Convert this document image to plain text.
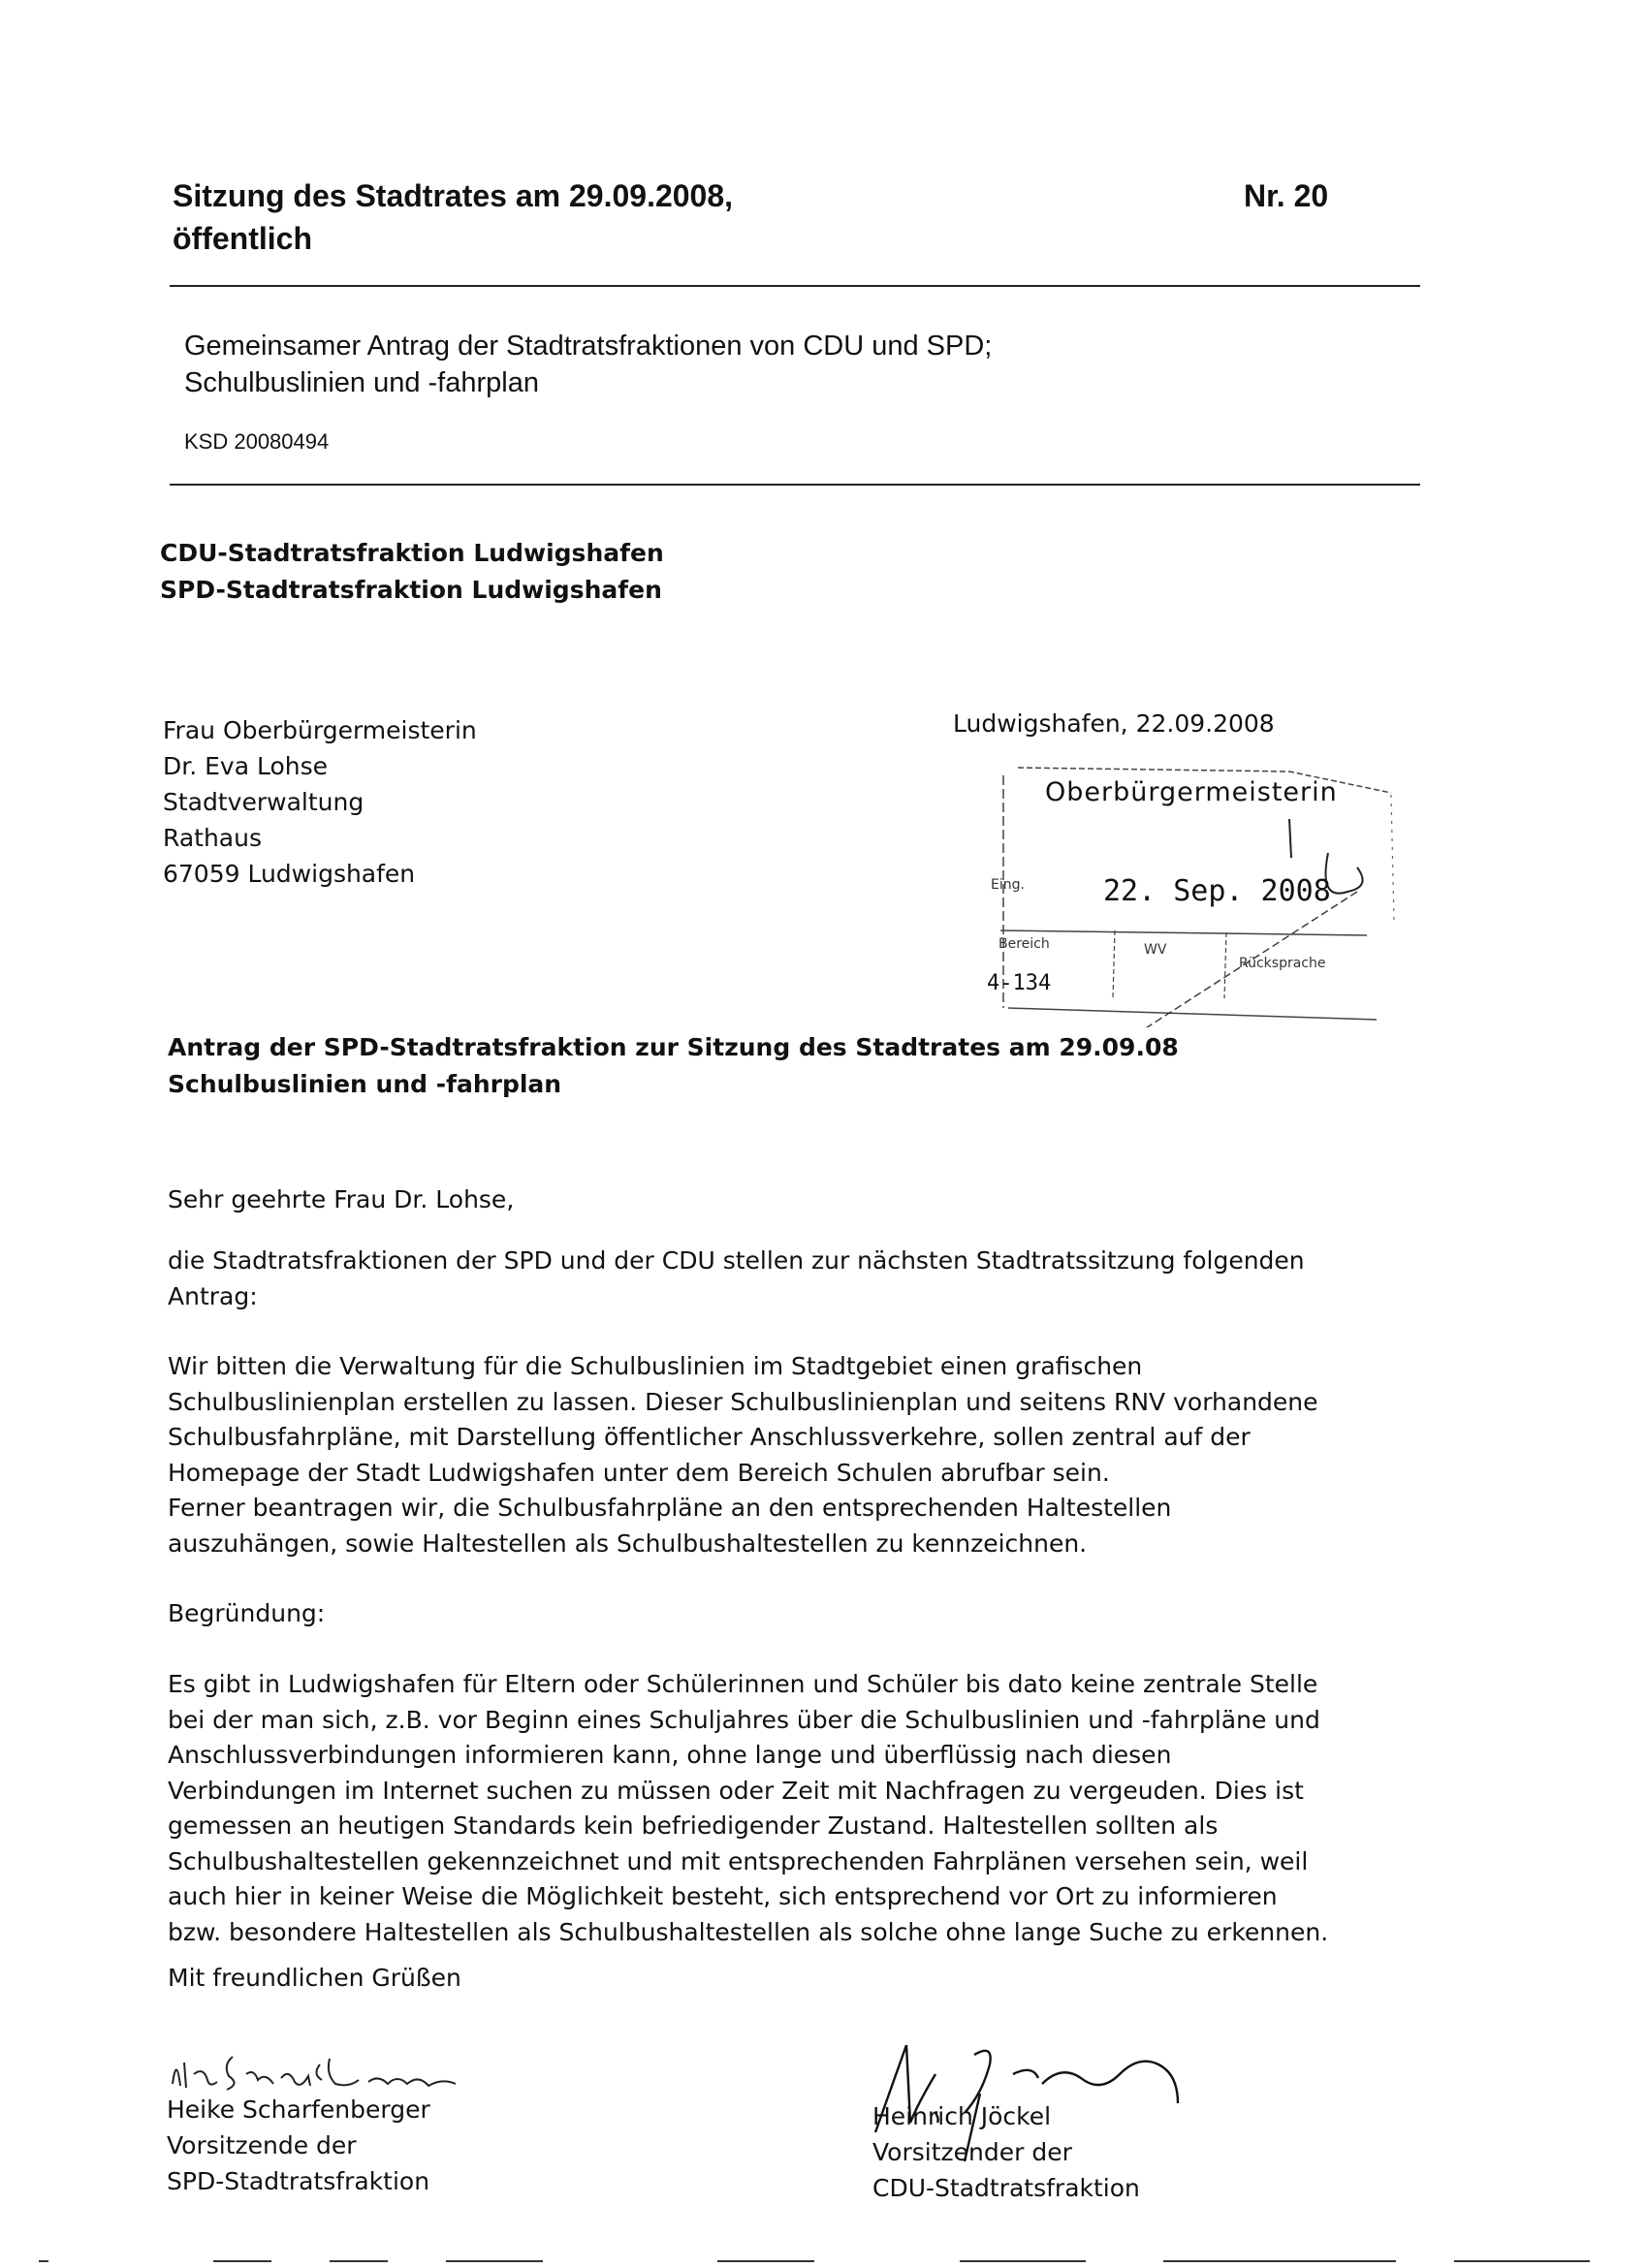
Sitzung des Stadtrates am 29.09.2008,
öffentlich
Nr. 20
Gemeinsamer Antrag der Stadtratsfraktionen von CDU und SPD;
Schulbuslinien und -fahrplan
KSD 20080494
CDU-Stadtratsfraktion Ludwigshafen
SPD-Stadtratsfraktion Ludwigshafen
Frau Oberbürgermeisterin
Dr. Eva Lohse
Stadtverwaltung
Rathaus
67059 Ludwigshafen
Ludwigshafen, 22.09.2008
Oberbürgermeisterin
Eing.	22. Sep. 2008
Bereich	WV
Rücksprache
4-134
Antrag der SPD-Stadtratsfraktion zur Sitzung des Stadtrates am 29.09.08
Schulbuslinien und -fahrplan
Sehr geehrte Frau Dr. Lohse,
die Stadtratsfraktionen der SPD und der CDU stellen zur nächsten Stadtratssitzung folgenden
Antrag:
Wir bitten die Verwaltung für die Schulbuslinien im Stadtgebiet einen grafischen
Schulbuslinienplan erstellen zu lassen. Dieser Schulbuslinienplan und seitens RNV vorhandene
Schulbusfahrpläne, mit Darstellung öffentlicher Anschlussverkehre, sollen zentral auf der
Homepage der Stadt Ludwigshafen unter dem Bereich Schulen abrufbar sein.
Ferner beantragen wir, die Schulbusfahrpläne an den entsprechenden Haltestellen
auszuhängen, sowie Haltestellen als Schulbushaltestellen zu kennzeichnen.
Begründung:
Es gibt in Ludwigshafen für Eltern oder Schülerinnen und Schüler bis dato keine zentrale Stelle
bei der man sich, z.B. vor Beginn eines Schuljahres über die Schulbuslinien und -fahrpläne und
Anschlussverbindungen informieren kann, ohne lange und überflüssig nach diesen
Verbindungen im Internet suchen zu müssen oder Zeit mit Nachfragen zu vergeuden. Dies ist
gemessen an heutigen Standards kein befriedigender Zustand. Haltestellen sollten als
Schulbushaltestellen gekennzeichnet und mit entsprechenden Fahrplänen versehen sein, weil
auch hier in keiner Weise die Möglichkeit besteht, sich entsprechend vor Ort zu informieren
bzw. besondere Haltestellen als Schulbushaltestellen als solche ohne lange Suche zu erkennen.
Mit freundlichen Grüßen
Heike Scharfenberger
Vorsitzende der
SPD-Stadtratsfraktion
Heinrich Jöckel
Vorsitzender der
CDU-Stadtratsfraktion
